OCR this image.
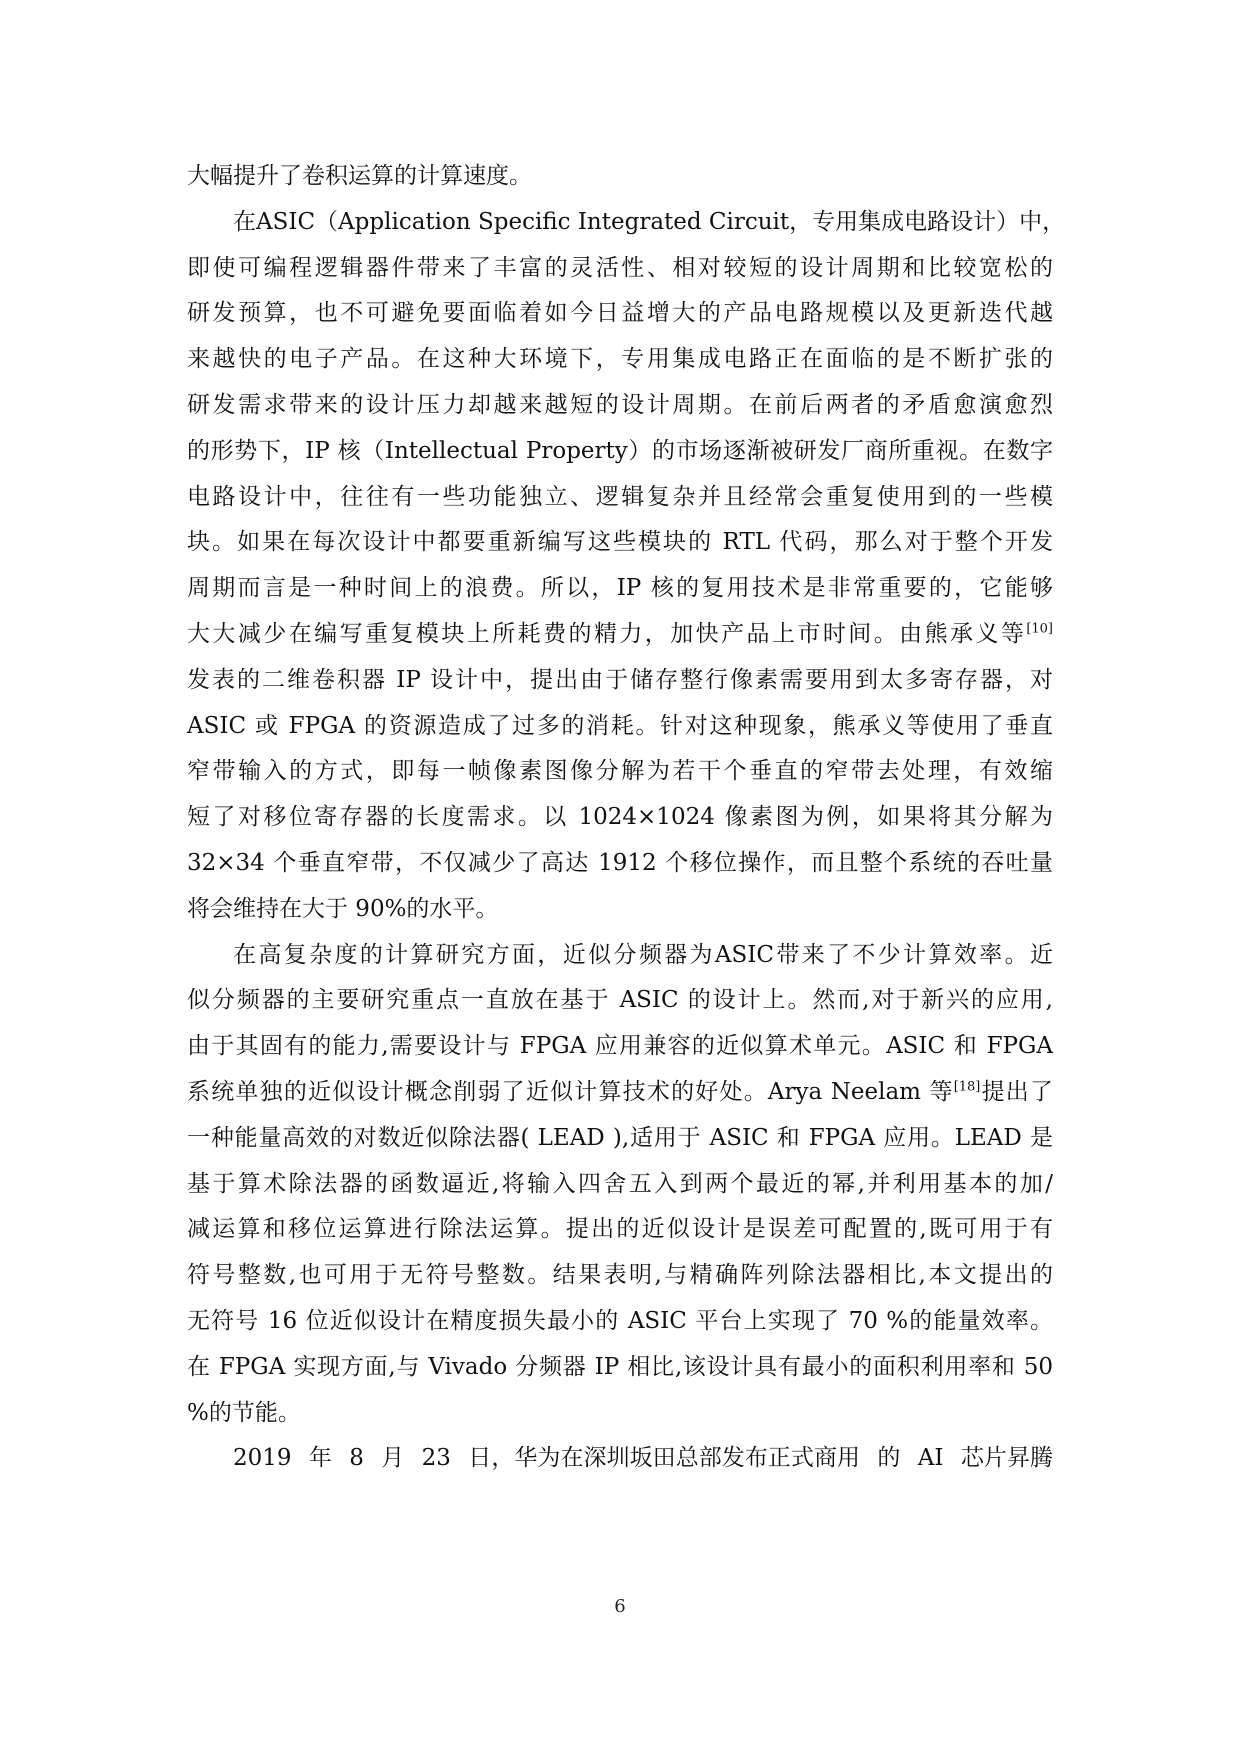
大幅提升了卷积运算的计算速度。
在ASIC（Application Specific Integrated Circuit，专用集成电路设计）中，
即使可编程逻辑器件带来了丰富的灵活性、相对较短的设计周期和比较宽松的
研发预算，也不可避免要面临着如今日益增大的产品电路规模以及更新迭代越
来越快的电子产品。在这种大环境下，专用集成电路正在面临的是不断扩张的
研发需求带来的设计压力却越来越短的设计周期。在前后两者的矛盾愈演愈烈
的形势下，IP 核（Intellectual Property）的市场逐渐被研发厂商所重视。在数字
电路设计中，往往有一些功能独立、逻辑复杂并且经常会重复使用到的一些模
块。如果在每次设计中都要重新编写这些模块的 RTL 代码，那么对于整个开发
周期而言是一种时间上的浪费。所以，IP 核的复用技术是非常重要的，它能够
大大减少在编写重复模块上所耗费的精力，加快产品上市时间。由熊承义等[10]
发表的二维卷积器 IP 设计中，提出由于储存整行像素需要用到太多寄存器，对
ASIC 或 FPGA 的资源造成了过多的消耗。针对这种现象，熊承义等使用了垂直
窄带输入的方式，即每一帧像素图像分解为若干个垂直的窄带去处理，有效缩
短了对移位寄存器的长度需求。以 1024×1024 像素图为例，如果将其分解为
32×34 个垂直窄带，不仅减少了高达 1912 个移位操作，而且整个系统的吞吐量
将会维持在大于 90%的水平。
在高复杂度的计算研究方面，近似分频器为ASIC带来了不少计算效率。近
似分频器的主要研究重点一直放在基于 ASIC 的设计上。然而,对于新兴的应用,
由于其固有的能力,需要设计与 FPGA 应用兼容的近似算术单元。ASIC 和 FPGA
系统单独的近似设计概念削弱了近似计算技术的好处。Arya Neelam 等[18]提出了
一种能量高效的对数近似除法器( LEAD ),适用于 ASIC 和 FPGA 应用。LEAD 是
基于算术除法器的函数逼近,将输入四舍五入到两个最近的幂,并利用基本的加/
减运算和移位运算进行除法运算。提出的近似设计是误差可配置的,既可用于有
符号整数,也可用于无符号整数。结果表明,与精确阵列除法器相比,本文提出的
无符号 16 位近似设计在精度损失最小的 ASIC 平台上实现了 70 %的能量效率。
在 FPGA 实现方面,与 Vivado 分频器 IP 相比,该设计具有最小的面积利用率和 50
%的节能。
2019 年 8 月 23 日，华为在深圳坂田总部发布正式商用 的 AI 芯片昇腾
6
